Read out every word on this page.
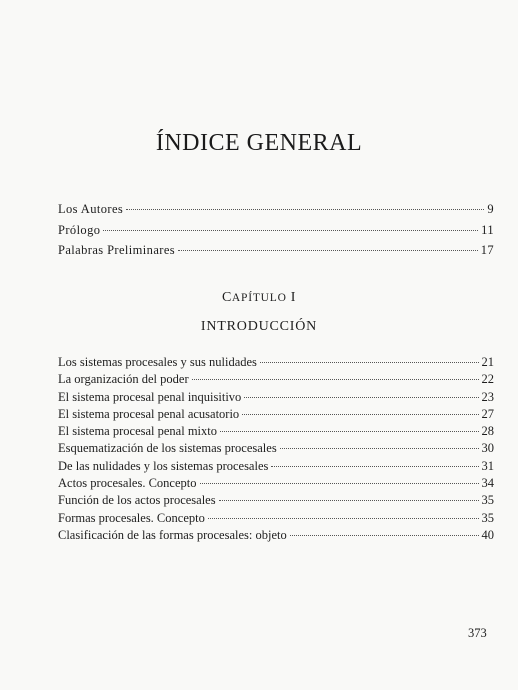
ÍNDICE GENERAL
Los Autores	9
Prólogo	11
Palabras Preliminares	17
CAPÍTULO I
INTRODUCCIÓN
Los sistemas procesales y sus nulidades	21
La organización del poder	22
El sistema procesal penal inquisitivo	23
El sistema procesal penal acusatorio	27
El sistema procesal penal mixto	28
Esquematización de los sistemas procesales	30
De las nulidades y los sistemas procesales	31
Actos procesales. Concepto	34
Función de los actos procesales	35
Formas procesales. Concepto	35
Clasificación de las formas procesales: objeto	40
373
